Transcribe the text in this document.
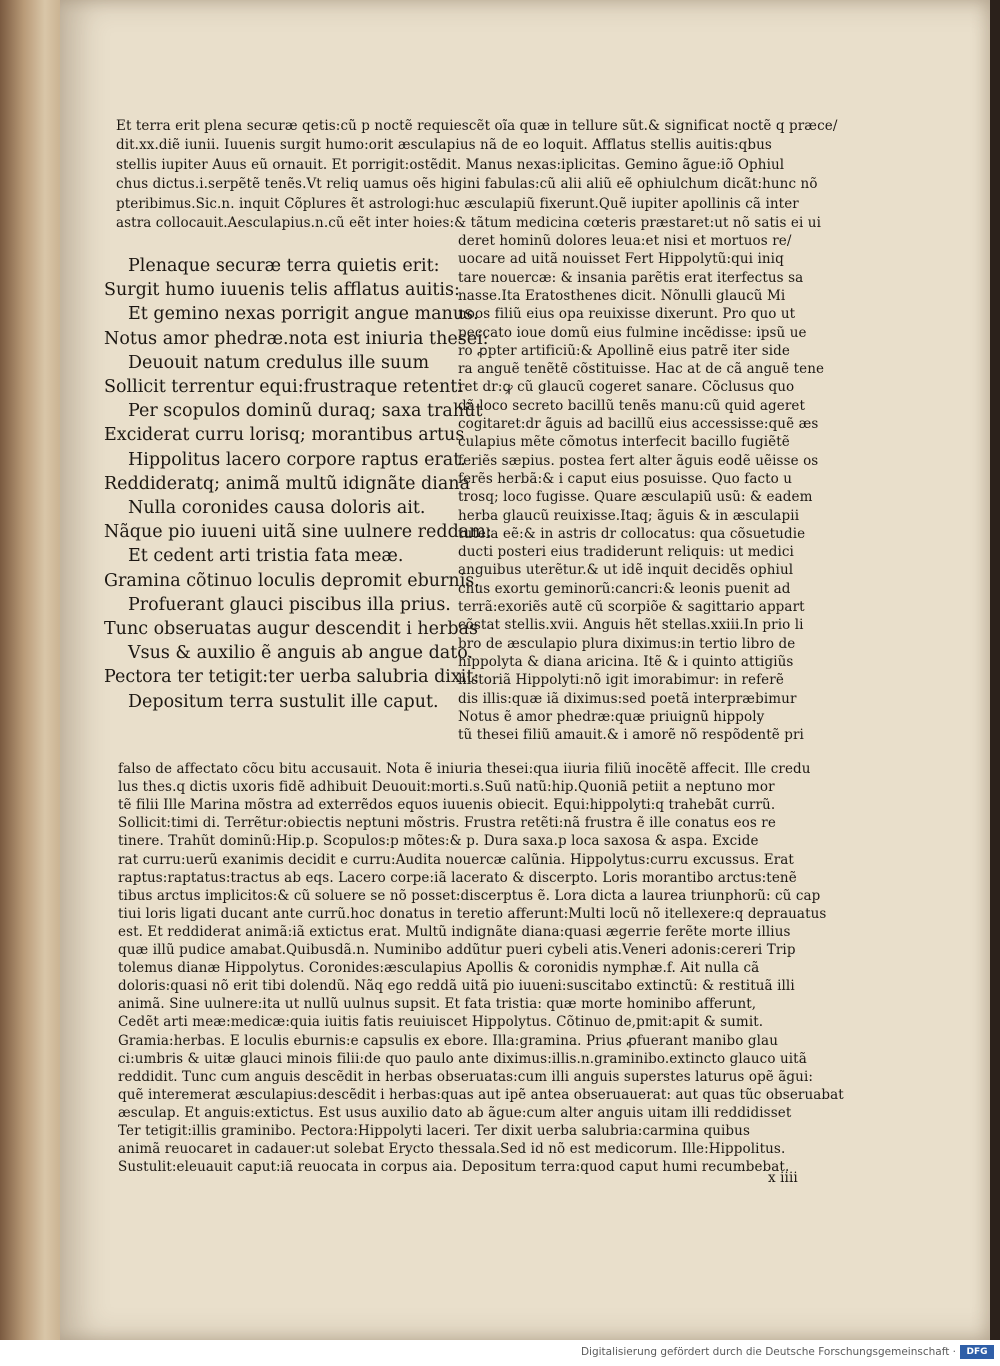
Et terra erit plena securæ qetis:cũ p noctẽ requiescẽt oĩa quæ in tellure sũt.& significat noctẽ q præce/
dit.xx.diẽ iunii. Iuuenis surgit humo:orit æsculapius nã de eo loquit. Afflatus stellis auitis:qbus
stellis iupiter Auus eũ ornauit. Et porrigit:ostẽdit. Manus nexas:iplicitas. Gemino ãgue:iõ Ophiul
chus dictus.i.serpẽtẽ tenẽs.Vt reliq uamus oẽs higini fabulas:cũ alii aliũ eẽ ophiulchum dicãt:hunc nõ
pteribimus.Sic.n. inquit Cõplures ẽt astrologi:huc æsculapiũ fixerunt.Quẽ iupiter apollinis cã inter
astra collocauit.Aesculapius.n.cũ eẽt inter hoies:& tãtum medicina cœteris præstaret:ut nõ satis ei ui
Plenaque securæ terra quietis erit:
Surgit humo iuuenis telis afflatus auitis:
Et gemino nexas porrigit angue manus.
Notus amor phedræ.nota est iniuria thesei:
Deuouit natum credulus ille suum
Sollicit terrentur equi:frustraque retenti
Per scopulos dominũ duraq; saxa trahũt
Exciderat curru lorisq; morantibus artus
Hippolitus lacero corpore raptus erat.
Reddideratq; animã multũ idignãte diana
Nulla coronides causa doloris ait.
Nãque pio iuueni uitã sine uulnere reddam:
Et cedent arti tristia fata meæ.
Gramina cõtinuo loculis depromit eburnis.
Profuerant glauci piscibus illa prius.
Tunc obseruatas augur descendit i herbas
Vsus & auxilio ẽ anguis ab angue dato.
Pectora ter tetigit:ter uerba salubria dixit:
Depositum terra sustulit ille caput.
deret hominũ dolores leua:et nisi et mortuos re/
uocare ad uitã nouisset Fert Hippolytũ:qui iniq
tare nouercæ: & insania parẽtis erat iterfectus sa
nasse.Ita Eratosthenes dicit. Nõnulli glaucũ Mi
noos filiũ eius opa reuixisse dixerunt. Pro quo ut
peccato ioue domũ eius fulmine incẽdisse: ipsũ ue
ro ꝓpter artificiũ:& Apollinẽ eius patrẽ iter side
ra anguẽ tenẽtẽ cõstituisse. Hac at de cã anguẽ tene
ret dr:ꝙ cũ glaucũ cogeret sanare. Cõclusus quo
dã loco secreto bacillũ tenẽs manu:cũ quid ageret
cogitaret:dr ãguis ad bacillũ eius accessisse:quẽ æs
culapius mẽte cõmotus interfecit bacillo fugiẽtẽ
feriẽs sæpius. postea fert alter ãguis eodẽ uẽisse os
ferẽs herbã:& i caput eius posuisse. Quo facto u
trosq; loco fugisse. Quare æsculapiũ usũ: & eadem
herba glaucũ reuixisse.Itaq; ãguis & in æsculapii
tutela eẽ:& in astris dr collocatus: qua cõsuetudie
ducti posteri eius tradiderunt reliquis: ut medici
anguibus uterẽtur.& ut idẽ inquit decidẽs ophiul
chus exortu geminorũ:cancri:& leonis puenit ad
terrã:exoriẽs autẽ cũ scorpiõe & sagittario appart
cõstat stellis.xvii. Anguis hẽt stellas.xxiii.In prio li
bro de æsculapio plura diximus:in tertio libro de
hippolyta & diana aricina. Itẽ & i quinto attigiũs
historiã Hippolyti:nõ igit imorabimur: in referẽ
dis illis:quæ iã diximus:sed poetã interpræbimur
Notus ẽ amor phedræ:quæ priuignũ hippoly
tũ thesei filiũ amauit.& i amorẽ nõ respõdentẽ pri
falso de affectato cõcu bitu accusauit. Nota ẽ iniuria thesei:qua iiuria filiũ inocẽtẽ affecit. Ille credu
lus thes.q dictis uxoris fidẽ adhibuit Deuouit:morti.s.Suũ natũ:hip.Quoniã petiit a neptuno mor
tẽ filii Ille Marina mõstra ad exterrẽdos equos iuuenis obiecit. Equi:hippolyti:q trahebãt currũ.
Sollicit:timi di. Terrẽtur:obiectis neptuni mõstris. Frustra retẽti:nã frustra ẽ ille conatus eos re
tinere. Trahũt dominũ:Hip.p. Scopulos:p mõtes:& p. Dura saxa.p loca saxosa & aspa. Excide
rat curru:uerũ exanimis decidit e curru:Audita nouercæ calũnia. Hippolytus:curru excussus. Erat
raptus:raptatus:tractus ab eqs. Lacero corpe:iã lacerato & discerpto. Loris morantibo arctus:tenẽ
tibus arctus implicitos:& cũ soluere se nõ posset:discerptus ẽ. Lora dicta a laurea triunphorũ: cũ cap
tiui loris ligati ducant ante currũ.hoc donatus in teretio afferunt:Multi locũ nõ itellexere:q deprauatus
est. Et reddiderat animã:iã extictus erat. Multũ indignãte diana:quasi ægerrie ferẽte morte illius
quæ illũ pudice amabat.Quibusdã.n. Numinibo addũtur pueri cybeli atis.Veneri adonis:cereri Trip
tolemus dianæ Hippolytus. Coronides:æsculapius Apollis & coronidis nymphæ.f. Ait nulla cã
doloris:quasi nõ erit tibi dolendũ. Nãq ego reddã uitã pio iuueni:suscitabo extinctũ: & restituã illi
animã. Sine uulnere:ita ut nullũ uulnus supsit. Et fata tristia: quæ morte hominibo afferunt,
Cedẽt arti meæ:medicæ:quia iuitis fatis reuiuiscet Hippolytus. Cõtinuo de,pmit:apit & sumit.
Gramia:herbas. E loculis eburnis:e capsulis ex ebore. Illa:gramina. Prius ꝓfuerant manibo glau
ci:umbris & uitæ glauci minois filii:de quo paulo ante diximus:illis.n.graminibo.extincto glauco uitã
reddidit. Tunc cum anguis descẽdit in herbas obseruatas:cum illi anguis superstes laturus opẽ ãgui:
quẽ interemerat æsculapius:descẽdit i herbas:quas aut ipẽ antea obseruauerat: aut quas tũc obseruabat
æsculap. Et anguis:extictus. Est usus auxilio dato ab ãgue:cum alter anguis uitam illi reddidisset
Ter tetigit:illis graminibo. Pectora:Hippolyti laceri. Ter dixit uerba salubria:carmina quibus
animã reuocaret in cadauer:ut solebat Erycto thessala.Sed id nõ est medicorum. Ille:Hippolitus.
Sustulit:eleuauit caput:iã reuocata in corpus aia. Depositum terra:quod caput humi recumbebat.
x iiii
Digitalisierung gefördert durch die Deutsche Forschungsgemeinschaft ·	DFG
